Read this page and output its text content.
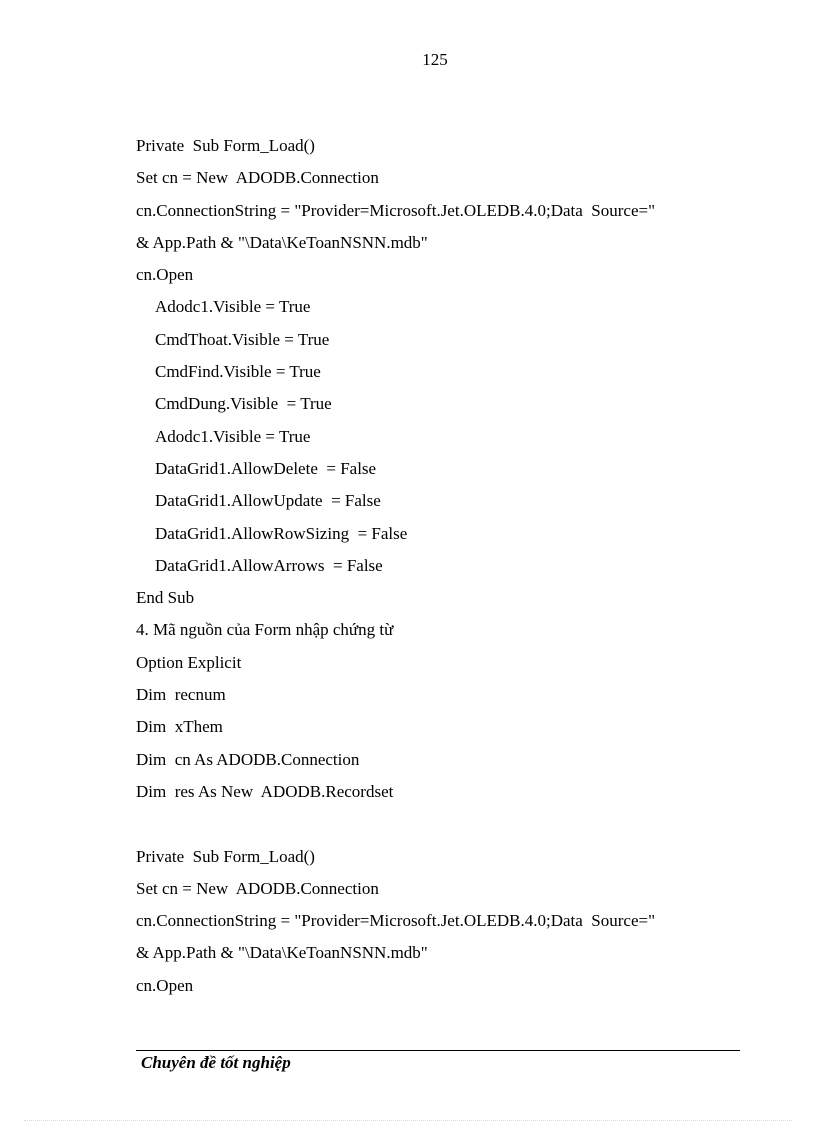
125
Private  Sub Form_Load()
Set cn = New  ADODB.Connection
cn.ConnectionString = "Provider=Microsoft.Jet.OLEDB.4.0;Data  Source="
& App.Path & "\Data\KeToanNSNN.mdb"
cn.Open
Adodc1.Visible = True
CmdThoat.Visible = True
CmdFind.Visible = True
CmdDung.Visible  = True
Adodc1.Visible = True
DataGrid1.AllowDelete  = False
DataGrid1.AllowUpdate  = False
DataGrid1.AllowRowSizing  = False
DataGrid1.AllowArrows  = False
End Sub
4. Mã nguồn của Form nhập chứng từ
Option Explicit
Dim  recnum
Dim  xThem
Dim  cn As ADODB.Connection
Dim  res As New  ADODB.Recordset
Private  Sub Form_Load()
Set cn = New  ADODB.Connection
cn.ConnectionString = "Provider=Microsoft.Jet.OLEDB.4.0;Data  Source="
& App.Path & "\Data\KeToanNSNN.mdb"
cn.Open
Chuyên đề tốt nghiệp
